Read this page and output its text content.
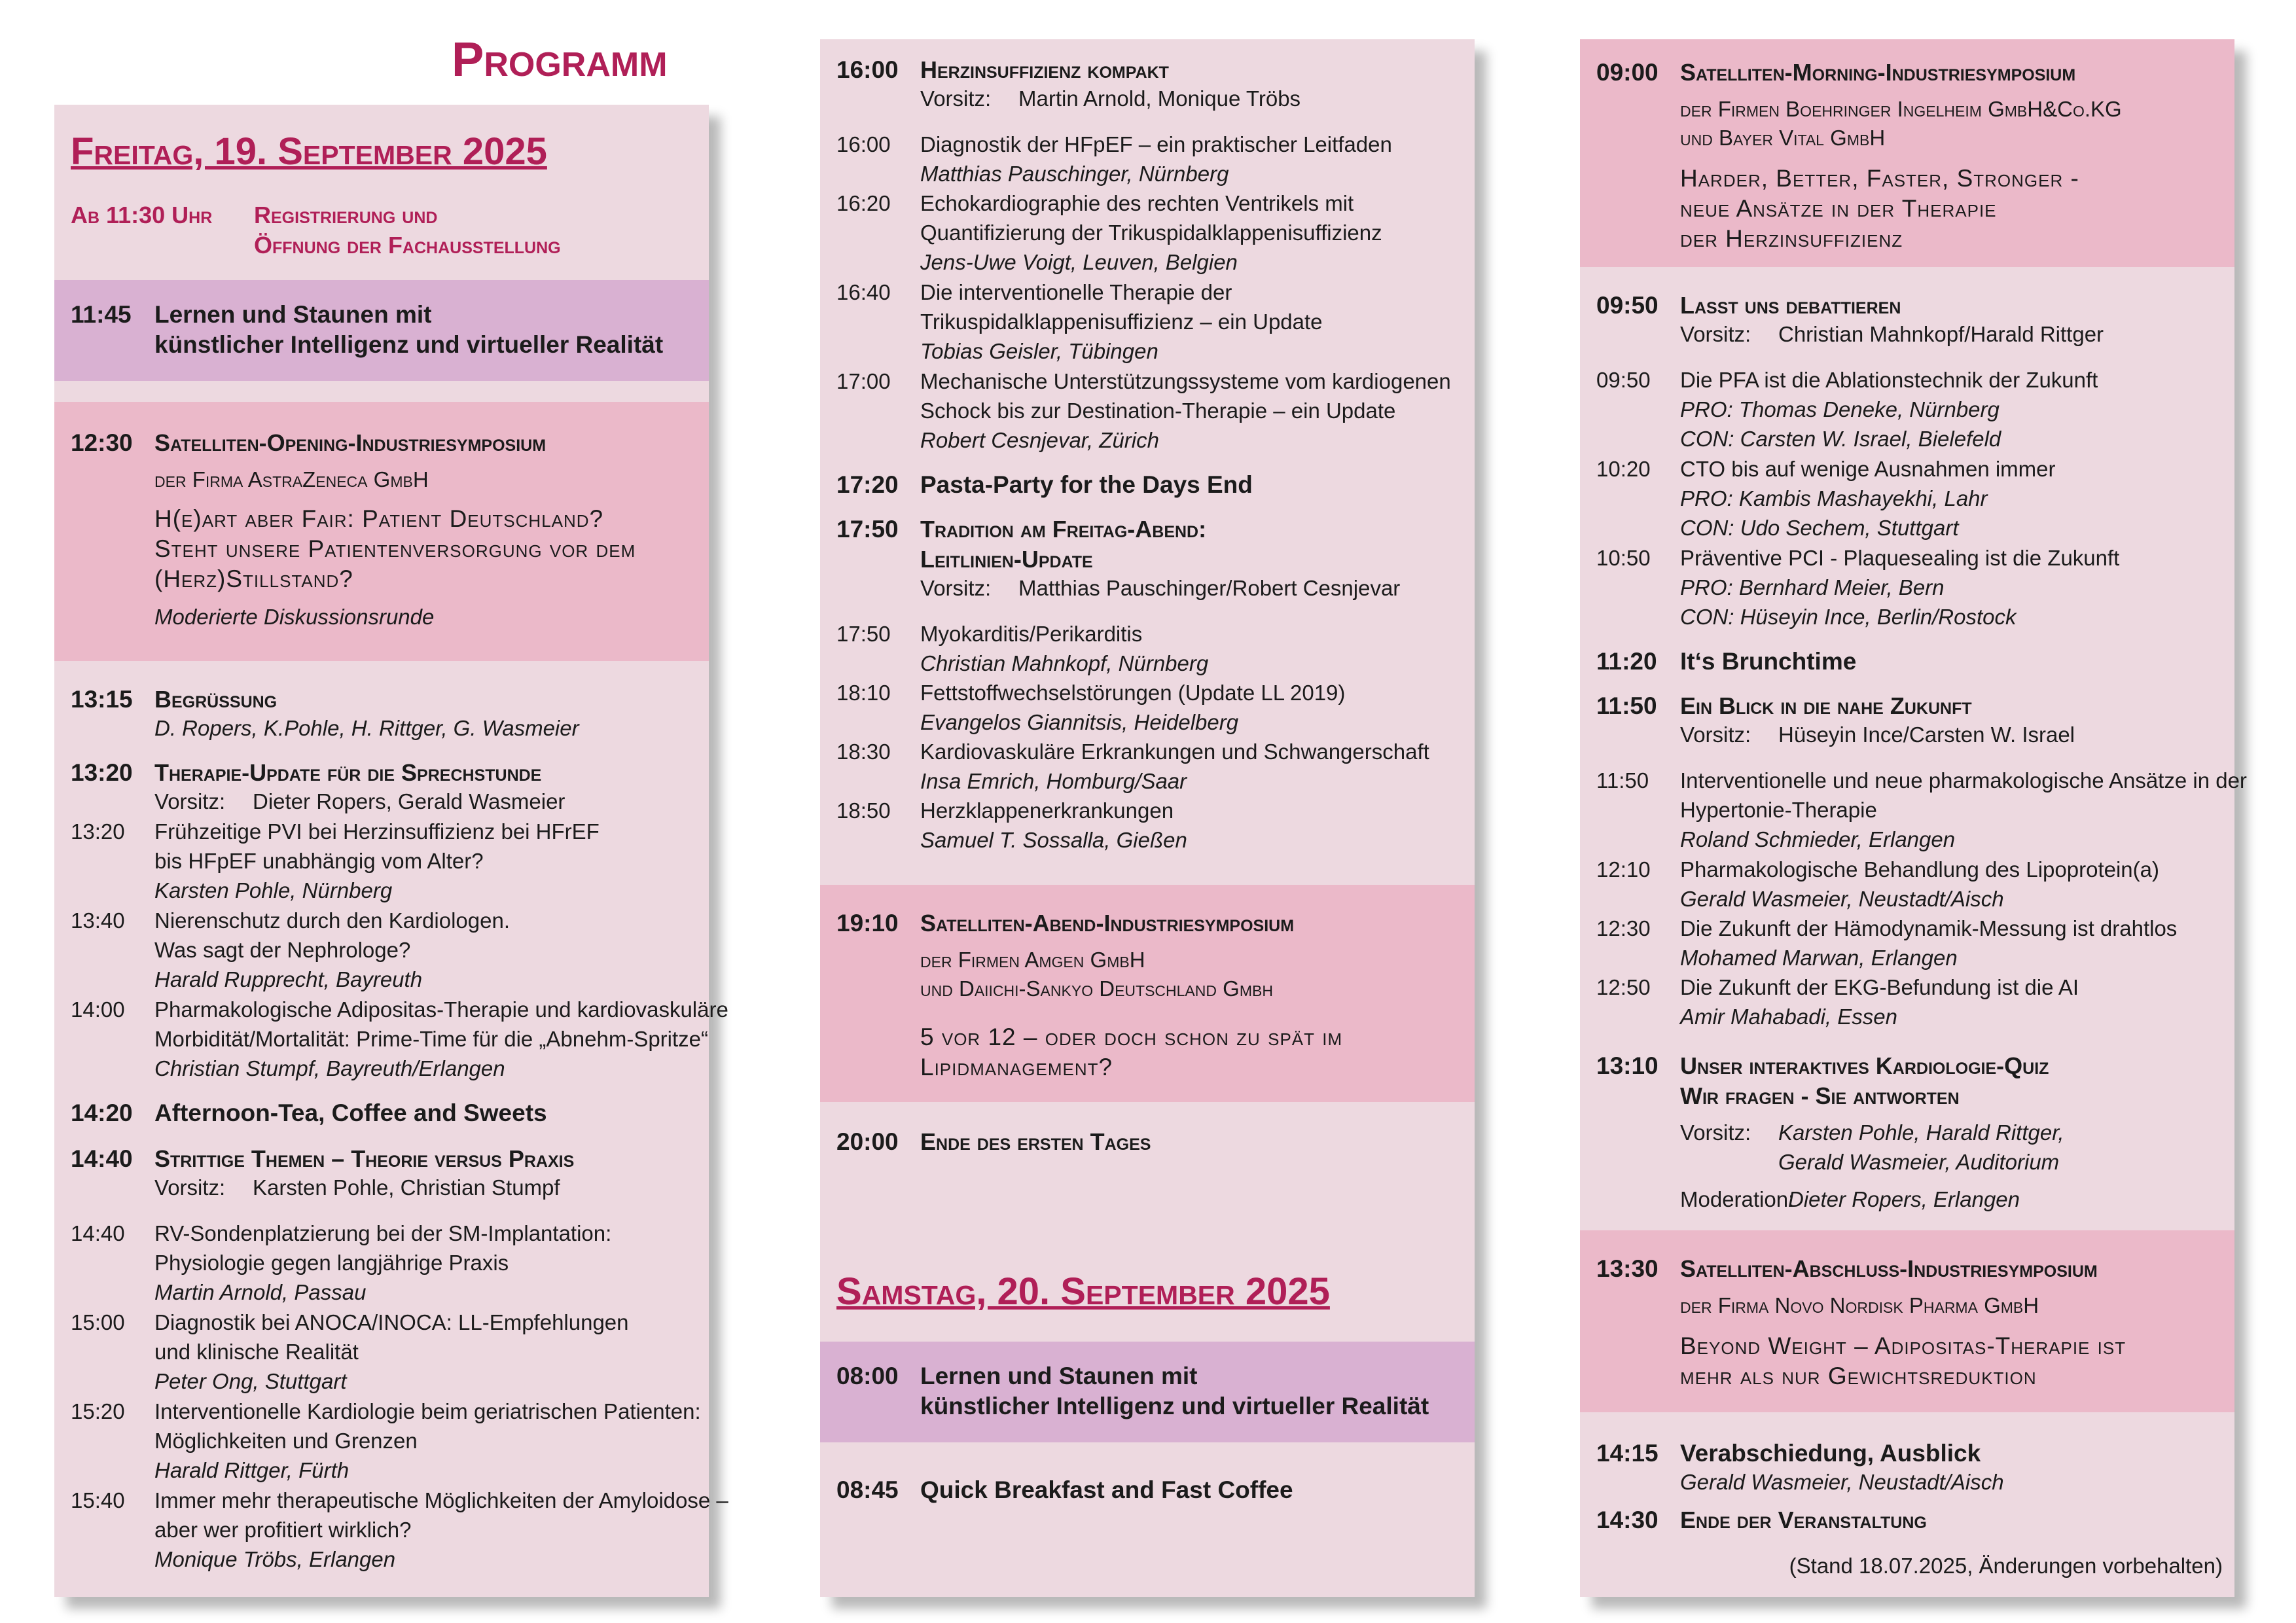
Programm
Freitag, 19. September 2025
Ab 11:30 Uhr Registrierung und
Öffnung der Fachausstellung
11:45 Lernen und Staunen mit
künstlicher Intelligenz und virtueller Realität
12:30 Satelliten-Opening-Industriesymposium
der Firma AstraZeneca GmbH
H(e)art aber Fair: Patient Deutschland?
Steht unsere Patientenversorgung vor dem
(Herz)Stillstand?
Moderierte Diskussionsrunde
13:15 Begrüssung
D. Ropers, K.Pohle, H. Rittger, G. Wasmeier
13:20 Therapie-Update für die Sprechstunde
Vorsitz: Dieter Ropers, Gerald Wasmeier
13:20 Frühzeitige PVI bei Herzinsuffizienz bei HFrEF
bis HFpEF unabhängig vom Alter?
Karsten Pohle, Nürnberg
13:40 Nierenschutz durch den Kardiologen.
Was sagt der Nephrologe?
Harald Rupprecht, Bayreuth
14:00 Pharmakologische Adipositas-Therapie und kardiovaskuläre
Morbidität/Mortalität: Prime-Time für die „Abnehm-Spritze“
Christian Stumpf, Bayreuth/Erlangen
14:20 Afternoon-Tea, Coffee and Sweets
14:40 Strittige Themen – Theorie versus Praxis
Vorsitz: Karsten Pohle, Christian Stumpf
14:40 RV-Sondenplatzierung bei der SM-Implantation:
Physiologie gegen langjährige Praxis
Martin Arnold, Passau
15:00 Diagnostik bei ANOCA/INOCA: LL-Empfehlungen
und klinische Realität
Peter Ong, Stuttgart
15:20 Interventionelle Kardiologie beim geriatrischen Patienten:
Möglichkeiten und Grenzen
Harald Rittger, Fürth
15:40 Immer mehr therapeutische Möglichkeiten der Amyloidose –
aber wer profitiert wirklich?
Monique Tröbs, Erlangen
16:00 Herzinsuffizienz kompakt
Vorsitz: Martin Arnold, Monique Tröbs
16:00 Diagnostik der HFpEF – ein praktischer Leitfaden
Matthias Pauschinger, Nürnberg
16:20 Echokardiographie des rechten Ventrikels mit
Quantifizierung der Trikuspidalklappenisuffizienz
Jens-Uwe Voigt, Leuven, Belgien
16:40 Die interventionelle Therapie der
Trikuspidalklappenisuffizienz – ein Update
Tobias Geisler, Tübingen
17:00 Mechanische Unterstützungssysteme vom kardiogenen
Schock bis zur Destination-Therapie – ein Update
Robert Cesnjevar, Zürich
17:20 Pasta-Party for the Days End
17:50 Tradition am Freitag-Abend:
Leitlinien-Update
Vorsitz: Matthias Pauschinger/Robert Cesnjevar
17:50 Myokarditis/Perikarditis
Christian Mahnkopf, Nürnberg
18:10 Fettstoffwechselstörungen (Update LL 2019)
Evangelos Giannitsis, Heidelberg
18:30 Kardiovaskuläre Erkrankungen und Schwangerschaft
Insa Emrich, Homburg/Saar
18:50 Herzklappenerkrankungen
Samuel T. Sossalla, Gießen
19:10 Satelliten-Abend-Industriesymposium
der Firmen Amgen GmbH
und Daiichi-Sankyo Deutschland Gmbh
5 vor 12 – oder doch schon zu spät im
Lipidmanagement?
20:00 Ende des ersten Tages
Samstag, 20. September 2025
08:00 Lernen und Staunen mit
künstlicher Intelligenz und virtueller Realität
08:45 Quick Breakfast and Fast Coffee
09:00 Satelliten-Morning-Industriesymposium
der Firmen Boehringer Ingelheim GmbH&Co.KG
und Bayer Vital GmbH
Harder, Better, Faster, Stronger -
neue Ansätze in der Therapie
der Herzinsuffizienz
09:50 Lasst uns debattieren
Vorsitz: Christian Mahnkopf/Harald Rittger
09:50 Die PFA ist die Ablationstechnik der Zukunft
PRO: Thomas Deneke, Nürnberg
CON: Carsten W. Israel, Bielefeld
10:20 CTO bis auf wenige Ausnahmen immer
PRO: Kambis Mashayekhi, Lahr
CON: Udo Sechem, Stuttgart
10:50 Präventive PCI - Plaquesealing ist die Zukunft
PRO: Bernhard Meier, Bern
CON: Hüseyin Ince, Berlin/Rostock
11:20 It‘s Brunchtime
11:50 Ein Blick in die nahe Zukunft
Vorsitz: Hüseyin Ince/Carsten W. Israel
11:50 Interventionelle und neue pharmakologische Ansätze in der
Hypertonie-Therapie
Roland Schmieder, Erlangen
12:10 Pharmakologische Behandlung des Lipoprotein(a)
Gerald Wasmeier, Neustadt/Aisch
12:30 Die Zukunft der Hämodynamik-Messung ist drahtlos
Mohamed Marwan, Erlangen
12:50 Die Zukunft der EKG-Befundung ist die AI
Amir Mahabadi, Essen
13:10 Unser interaktives Kardiologie-Quiz
Wir fragen - Sie antworten
Vorsitz: Karsten Pohle, Harald Rittger,
Gerald Wasmeier, Auditorium
Moderation:
Dieter Ropers, Erlangen
13:30 Satelliten-Abschluss-Industriesymposium
der Firma Novo Nordisk Pharma GmbH
Beyond Weight – Adipositas-Therapie ist
mehr als nur Gewichtsreduktion
14:15 Verabschiedung, Ausblick
Gerald Wasmeier, Neustadt/Aisch
14:30 Ende der Veranstaltung
(Stand 18.07.2025, Änderungen vorbehalten)
